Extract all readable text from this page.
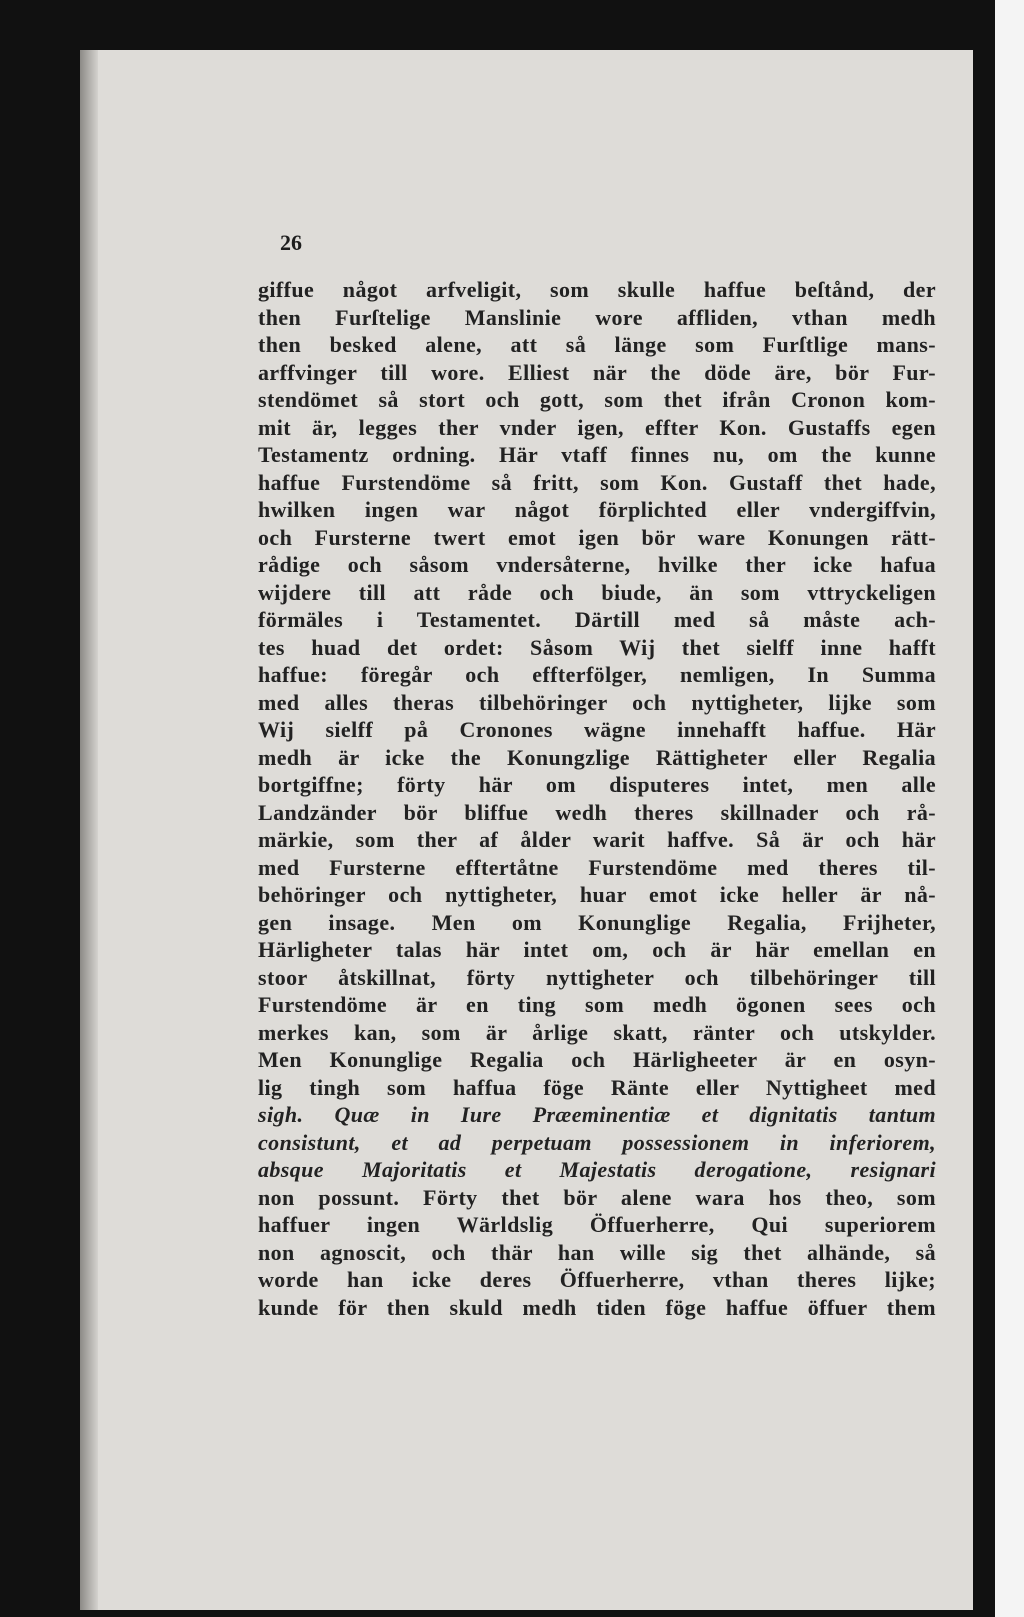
26
giffue något arfveligit, som skulle haffue beſtånd, der
then Furſtelige Manslinie wore affliden, vthan medh
then besked alene, att så länge som Furſtlige mans-
arffvinger till wore. Elliest när the döde äre, bör Fur-
stendömet så stort och gott, som thet ifrån Cronon kom-
mit är, legges ther vnder igen, effter Kon. Gustaffs egen
Testamentz ordning. Här vtaff finnes nu, om the kunne
haffue Furstendöme så fritt, som Kon. Gustaff thet hade,
hwilken ingen war något förplichted eller vndergiffvin,
och Fursterne twert emot igen bör ware Konungen rätt-
rådige och såsom vndersåterne, hvilke ther icke hafua
wijdere till att råde och biude, än som vttryckeligen
förmäles i Testamentet. Därtill med så måste ach-
tes huad det ordet: Såsom Wij thet sielff inne hafft
haffue: föregår och effterfölger, nemligen, In Summa
med alles theras tilbehöringer och nyttigheter, lijke som
Wij sielff på Cronones wägne innehafft haffue. Här
medh är icke the Konungzlige Rättigheter eller Regalia
bortgiffne; förty här om disputeres intet, men alle
Landzänder bör bliffue wedh theres skillnader och rå-
märkie, som ther af ålder warit haffve. Så är och här
med Fursterne efftertåtne Furstendöme med theres til-
behöringer och nyttigheter, huar emot icke heller är nå-
gen insage. Men om Konunglige Regalia, Frijheter,
Härligheter talas här intet om, och är här emellan en
stoor åtskillnat, förty nyttigheter och tilbehöringer till
Furstendöme är en ting som medh ögonen sees och
merkes kan, som är årlige skatt, ränter och utskylder.
Men Konunglige Regalia och Härligheeter är en osyn-
lig tingh som haffua föge Ränte eller Nyttigheet med
sigh. Quæ in Iure Præeminentiæ et dignitatis tantum
consistunt, et ad perpetuam possessionem in inferiorem,
absque Majoritatis et Majestatis derogatione, resignari
non possunt. Förty thet bör alene wara hos theo, som
haffuer ingen Wärldslig Öffuerherre, Qui superiorem
non agnoscit, och thär han wille sig thet alhände, så
worde han icke deres Öffuerherre, vthan theres lijke;
kunde för then skuld medh tiden föge haffue öffuer them
